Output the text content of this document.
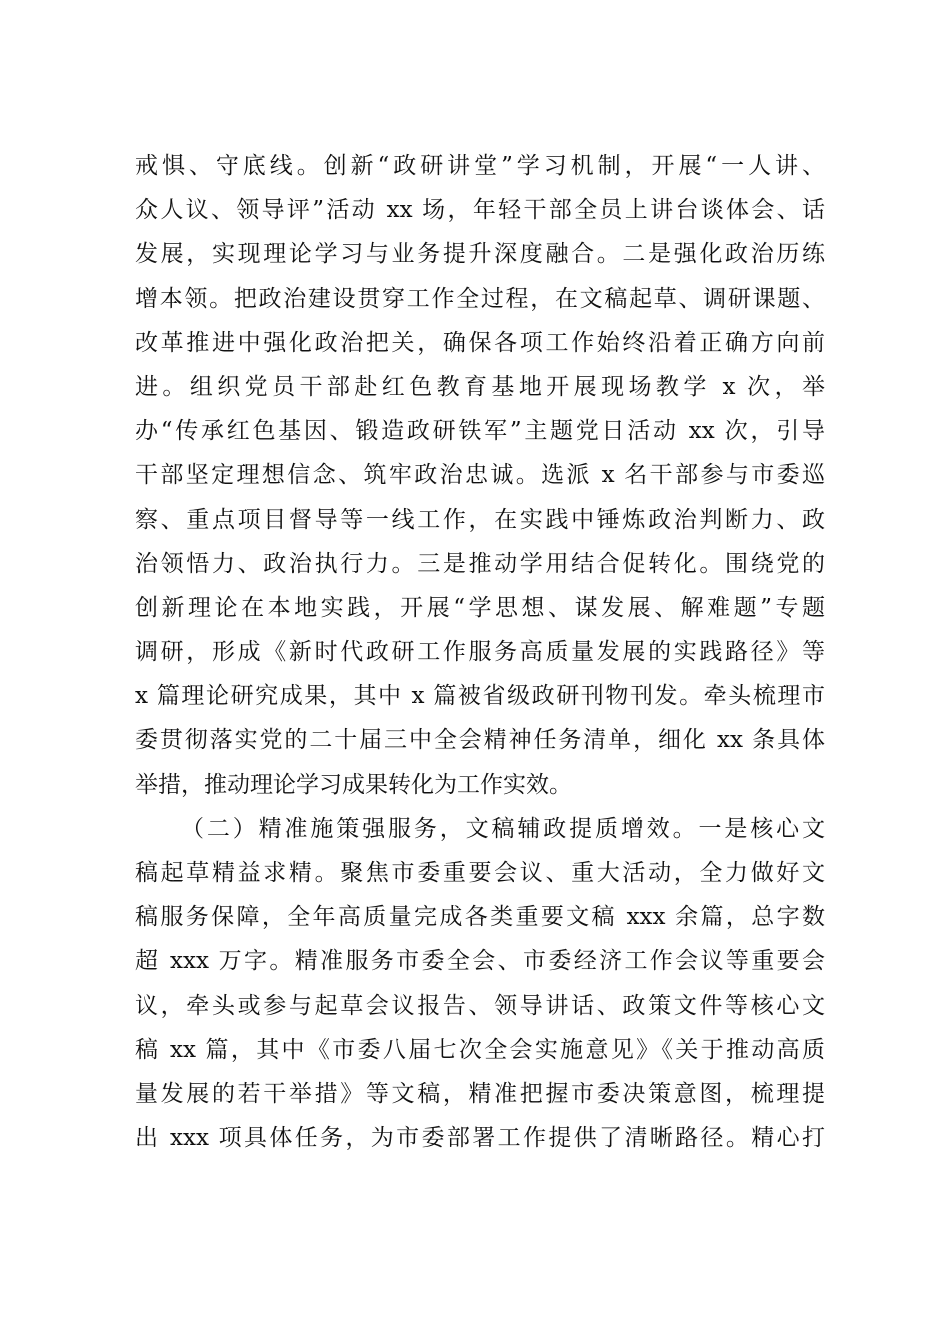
戒惧、守底线。创新“政研讲堂”学习机制，开展“一人讲、
众人议、领导评”活动 xx 场，年轻干部全员上讲台谈体会、话
发展，实现理论学习与业务提升深度融合。二是强化政治历练
增本领。把政治建设贯穿工作全过程，在文稿起草、调研课题、
改革推进中强化政治把关，确保各项工作始终沿着正确方向前
进。组织党员干部赴红色教育基地开展现场教学 x 次，举
办“传承红色基因、锻造政研铁军”主题党日活动 xx 次，引导
干部坚定理想信念、筑牢政治忠诚。选派 x 名干部参与市委巡
察、重点项目督导等一线工作，在实践中锤炼政治判断力、政
治领悟力、政治执行力。三是推动学用结合促转化。围绕党的
创新理论在本地实践，开展“学思想、谋发展、解难题”专题
调研，形成《新时代政研工作服务高质量发展的实践路径》等
x 篇理论研究成果，其中 x 篇被省级政研刊物刊发。牵头梳理市
委贯彻落实党的二十届三中全会精神任务清单，细化 xx 条具体
举措，推动理论学习成果转化为工作实效。
（二）精准施策强服务，文稿辅政提质增效。一是核心文
稿起草精益求精。聚焦市委重要会议、重大活动，全力做好文
稿服务保障，全年高质量完成各类重要文稿 xxx 余篇，总字数
超 xxx 万字。精准服务市委全会、市委经济工作会议等重要会
议，牵头或参与起草会议报告、领导讲话、政策文件等核心文
稿 xx 篇，其中《市委八届七次全会实施意见》《关于推动高质
量发展的若干举措》等文稿，精准把握市委决策意图，梳理提
出 xxx 项具体任务，为市委部署工作提供了清晰路径。精心打
